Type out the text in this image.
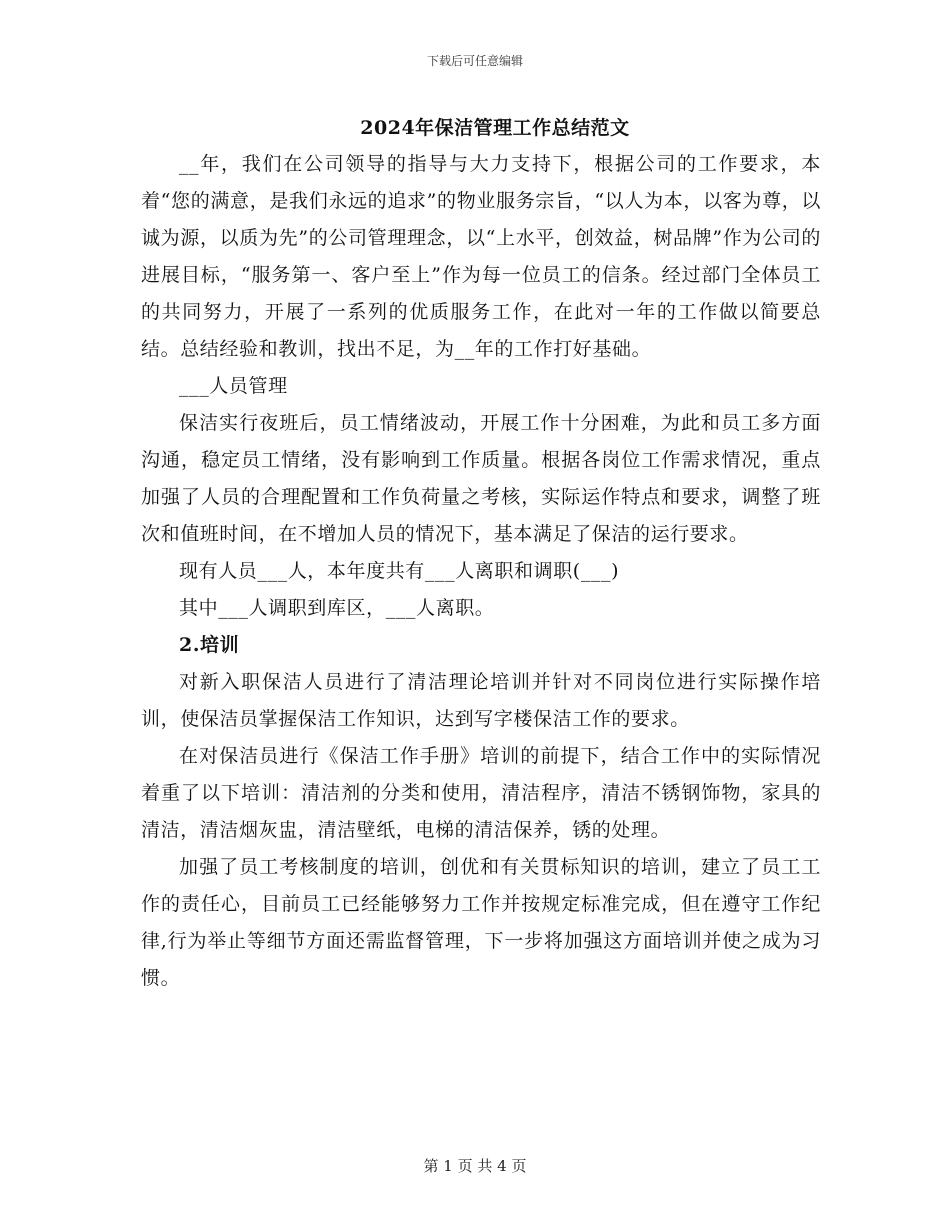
下载后可任意编辑
2024年保洁管理工作总结范文

__年，我们在公司领导的指导与大力支持下，根据公司的工作要求，本着“您的满意，是我们永远的追求”的物业服务宗旨，“以人为本，以客为尊，以诚为源，以质为先”的公司管理理念，以“上水平，创效益，树品牌”作为公司的进展目标，“服务第一、客户至上”作为每一位员工的信条。经过部门全体员工的共同努力，开展了一系列的优质服务工作，在此对一年的工作做以简要总结。总结经验和教训，找出不足，为__年的工作打好基础。

___人员管理

保洁实行夜班后，员工情绪波动，开展工作十分困难，为此和员工多方面沟通，稳定员工情绪，没有影响到工作质量。根据各岗位工作需求情况，重点加强了人员的合理配置和工作负荷量之考核，实际运作特点和要求，调整了班次和值班时间，在不增加人员的情况下，基本满足了保洁的运行要求。

现有人员___人，本年度共有___人离职和调职(___)

其中___人调职到库区，___人离职。

2.培训

对新入职保洁人员进行了清洁理论培训并针对不同岗位进行实际操作培训，使保洁员掌握保洁工作知识，达到写字楼保洁工作的要求。

在对保洁员进行《保洁工作手册》培训的前提下，结合工作中的实际情况着重了以下培训：清洁剂的分类和使用，清洁程序，清洁不锈钢饰物，家具的清洁，清洁烟灰盅，清洁壁纸，电梯的清洁保养，锈的处理。

加强了员工考核制度的培训，创优和有关贯标知识的培训，建立了员工工作的责任心，目前员工已经能够努力工作并按规定标准完成，但在遵守工作纪律,行为举止等细节方面还需监督管理，下一步将加强这方面培训并使之成为习惯。

第 1 页 共 4 页
